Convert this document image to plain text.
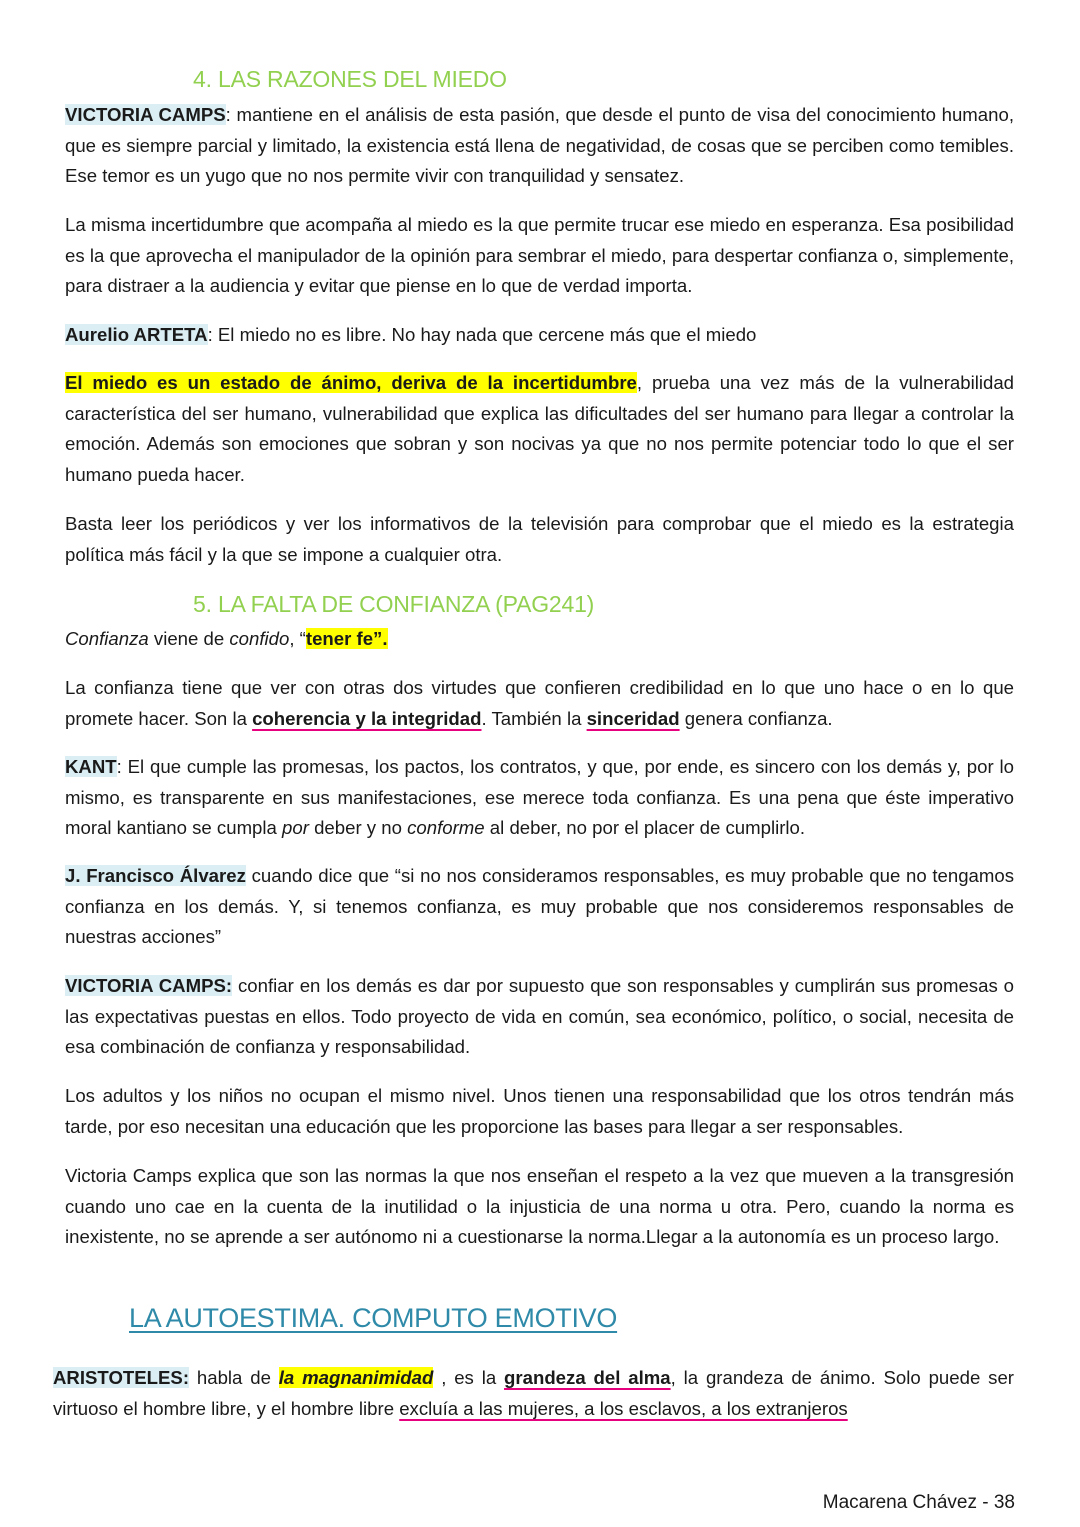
4. LAS RAZONES DEL MIEDO

VICTORIA CAMPS: mantiene en el análisis de esta pasión, que desde el punto de visa del conocimiento humano, que es siempre parcial y limitado, la existencia está llena de negatividad, de cosas que se perciben como temibles. Ese temor es un yugo que no nos permite vivir con tranquilidad y sensatez.

La misma incertidumbre que acompaña al miedo es la que permite trucar ese miedo en esperanza. Esa posibilidad es la que aprovecha el manipulador de la opinión para sembrar el miedo, para despertar confianza o, simplemente, para distraer a la audiencia y evitar que piense en lo que de verdad importa.

Aurelio ARTETA: El miedo no es libre. No hay nada que cercene más que el miedo

El miedo es un estado de ánimo, deriva de la incertidumbre, prueba una vez más de la vulnerabilidad característica del ser humano, vulnerabilidad que explica las dificultades del ser humano para llegar a controlar la emoción. Además son emociones que sobran y son nocivas ya que no nos permite potenciar todo lo que el ser humano pueda hacer.

Basta leer los periódicos y ver los informativos de la televisión para comprobar que el miedo es la estrategia política más fácil y la que se impone a cualquier otra.

5. LA FALTA DE CONFIANZA (PAG241)

Confianza viene de confido, “tener fe”.

La confianza tiene que ver con otras dos virtudes que confieren credibilidad en lo que uno hace o en lo que promete hacer. Son la coherencia y la integridad. También la sinceridad genera confianza.

KANT: El que cumple las promesas, los pactos, los contratos, y que, por ende, es sincero con los demás y, por lo mismo, es transparente en sus manifestaciones, ese merece toda confianza. Es una pena que éste imperativo moral kantiano se cumpla por deber y no conforme al deber, no por el placer de cumplirlo.

J. Francisco Álvarez cuando dice que “si no nos consideramos responsables, es muy probable que no tengamos confianza en los demás. Y, si tenemos confianza, es muy probable que nos consideremos responsables de nuestras acciones”

VICTORIA CAMPS: confiar en los demás es dar por supuesto que son responsables y cumplirán sus promesas o las expectativas puestas en ellos. Todo proyecto de vida en común, sea económico, político, o social, necesita de esa combinación de confianza y responsabilidad.

Los adultos y los niños no ocupan el mismo nivel. Unos tienen una responsabilidad que los otros tendrán más tarde, por eso necesitan una educación que les proporcione las bases para llegar a ser responsables.

Victoria Camps explica que son las normas la que nos enseñan el respeto a la vez que mueven a la transgresión cuando uno cae en la cuenta de la inutilidad o la injusticia de una norma u otra. Pero, cuando la norma es inexistente, no se aprende a ser autónomo ni a cuestionarse la norma.Llegar a la autonomía es un proceso largo.

LA AUTOESTIMA. COMPUTO EMOTIVO

ARISTOTELES: habla de la magnanimidad , es la grandeza del alma, la grandeza de ánimo. Solo puede ser virtuoso el hombre libre, y el hombre libre excluía a las mujeres, a los esclavos, a los extranjeros

Macarena Chávez - 38
